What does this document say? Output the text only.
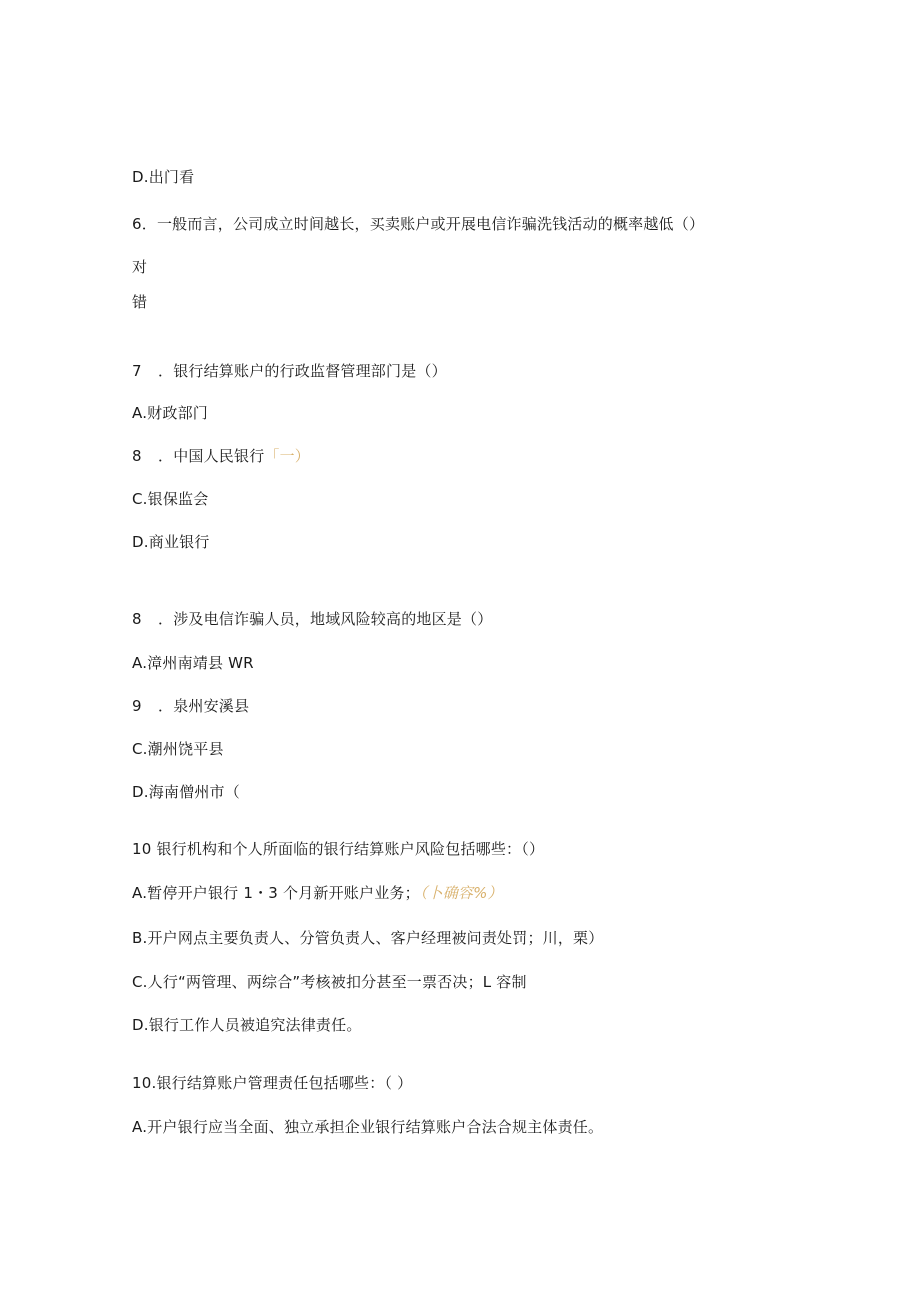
D.出门看
6．一般而言，公司成立时间越长，买卖账户或开展电信诈骗洗钱活动的概率越低（）
对
错
7 ．银行结算账户的行政监督管理部门是（）
A.财政部门
8 ．中国人民银行「一）
C.银保监会
D.商业银行
8 ．涉及电信诈骗人员，地域风险较高的地区是（）
A.漳州南靖县 WR
9 ．泉州安溪县
C.潮州饶平县
D.海南僧州市（
10 银行机构和个人所面临的银行结算账户风险包括哪些：（）
A.暂停开户银行 1・3 个月新开账户业务；（卜确容%）
B.开户网点主要负责人、分管负责人、客户经理被问责处罚；川，栗）
C.人行“两管理、两综合”考核被扣分甚至一票否决；L 容制
D.银行工作人员被追究法律责任。
10.银行结算账户管理责任包括哪些：（ ）
A.开户银行应当全面、独立承担企业银行结算账户合法合规主体责任。
